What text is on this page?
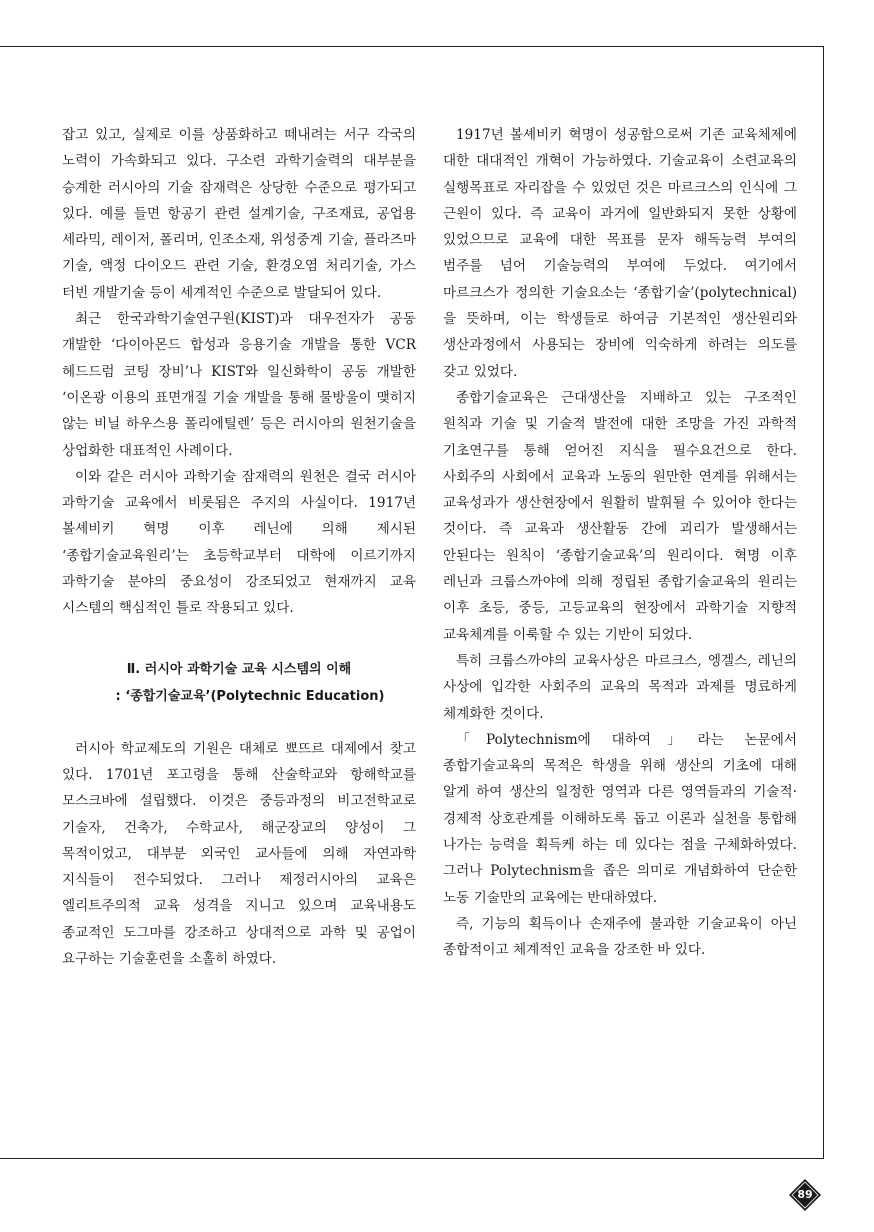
잡고 있고, 실제로 이를 상품화하고 떼내려는 서구 각국의 노력이 가속화되고 있다. 구소련 과학기술력의 대부분을 승계한 러시아의 기술 잠재력은 상당한 수준으로 평가되고 있다. 예를 들면 항공기 관련 설계기술, 구조재료, 공업용 세라믹, 레이저, 폴리머, 인조소재, 위성중계 기술, 플라즈마 기술, 액정 다이오드 관련 기술, 환경오염 처리기술, 가스 터빈 개발기술 등이 세계적인 수준으로 발달되어 있다.

최근 한국과학기술연구원(KIST)과 대우전자가 공동 개발한 ‘다이아몬드 합성과 응용기술 개발을 통한 VCR 헤드드럼 코팅 장비’나 KIST와 일신화학이 공동 개발한 ‘이온광 이용의 표면개질 기술 개발을 통해 물방울이 맺히지 않는 비닐 하우스용 폴리에틸렌’ 등은 러시아의 원천기술을 상업화한 대표적인 사례이다.

이와 같은 러시아 과학기술 잠재력의 원천은 결국 러시아 과학기술 교육에서 비롯됨은 주지의 사실이다. 1917년 볼셰비키 혁명 이후 레닌에 의해 제시된 ‘종합기술교육원리’는 초등학교부터 대학에 이르기까지 과학기술 분야의 중요성이 강조되었고 현재까지 교육 시스템의 핵심적인 틀로 작용되고 있다.

Ⅱ. 러시아 과학기술 교육 시스템의 이해
: ‘종합기술교육’(Polytechnic Education)

러시아 학교제도의 기원은 대체로 뾰뜨르 대제에서 찾고 있다. 1701년 포고령을 통해 산술학교와 항해학교를 모스크바에 설립했다. 이것은 중등과정의 비고전학교로 기술자, 건축가, 수학교사, 해군장교의 양성이 그 목적이었고, 대부분 외국인 교사들에 의해 자연과학 지식들이 전수되었다. 그러나 제정러시아의 교육은 엘리트주의적 교육 성격을 지니고 있으며 교육내용도 종교적인 도그마를 강조하고 상대적으로 과학 및 공업이 요구하는 기술훈련을 소홀히 하였다.

1917년 볼셰비키 혁명이 성공함으로써 기존 교육체제에 대한 대대적인 개혁이 가능하였다. 기술교육이 소련교육의 실행목표로 자리잡을 수 있었던 것은 마르크스의 인식에 그 근원이 있다. 즉 교육이 과거에 일반화되지 못한 상황에 있었으므로 교육에 대한 목표를 문자 해독능력 부여의 범주를 넘어 기술능력의 부여에 두었다. 여기에서 마르크스가 정의한 기술요소는 ‘종합기술’(polytechnical)을 뜻하며, 이는 학생들로 하여금 기본적인 생산원리와 생산과정에서 사용되는 장비에 익숙하게 하려는 의도를 갖고 있었다.

종합기술교육은 근대생산을 지배하고 있는 구조적인 원칙과 기술 및 기술적 발전에 대한 조망을 가진 과학적 기초연구를 통해 얻어진 지식을 필수요건으로 한다. 사회주의 사회에서 교육과 노동의 원만한 연계를 위해서는 교육성과가 생산현장에서 원활히 발휘될 수 있어야 한다는 것이다. 즉 교육과 생산활동 간에 괴리가 발생해서는 안된다는 원칙이 ‘종합기술교육’의 원리이다. 혁명 이후 레닌과 크룹스까야에 의해 정립된 종합기술교육의 원리는 이후 초등, 중등, 고등교육의 현장에서 과학기술 지향적 교육체계를 이룩할 수 있는 기반이 되었다.

특히 크룹스까야의 교육사상은 마르크스, 엥겔스, 레닌의 사상에 입각한 사회주의 교육의 목적과 과제를 명료하게 체계화한 것이다.

「Polytechnism에 대하여」라는 논문에서 종합기술교육의 목적은 학생을 위해 생산의 기초에 대해 알게 하여 생산의 일정한 영역과 다른 영역들과의 기술적·경제적 상호관계를 이해하도록 돕고 이론과 실천을 통합해 나가는 능력을 획득케 하는 데 있다는 점을 구체화하였다. 그러나 Polytechnism을 좁은 의미로 개념화하여 단순한 노동 기술만의 교육에는 반대하였다.

즉, 기능의 획득이나 손재주에 불과한 기술교육이 아닌 종합적이고 체계적인 교육을 강조한 바 있다.

89
